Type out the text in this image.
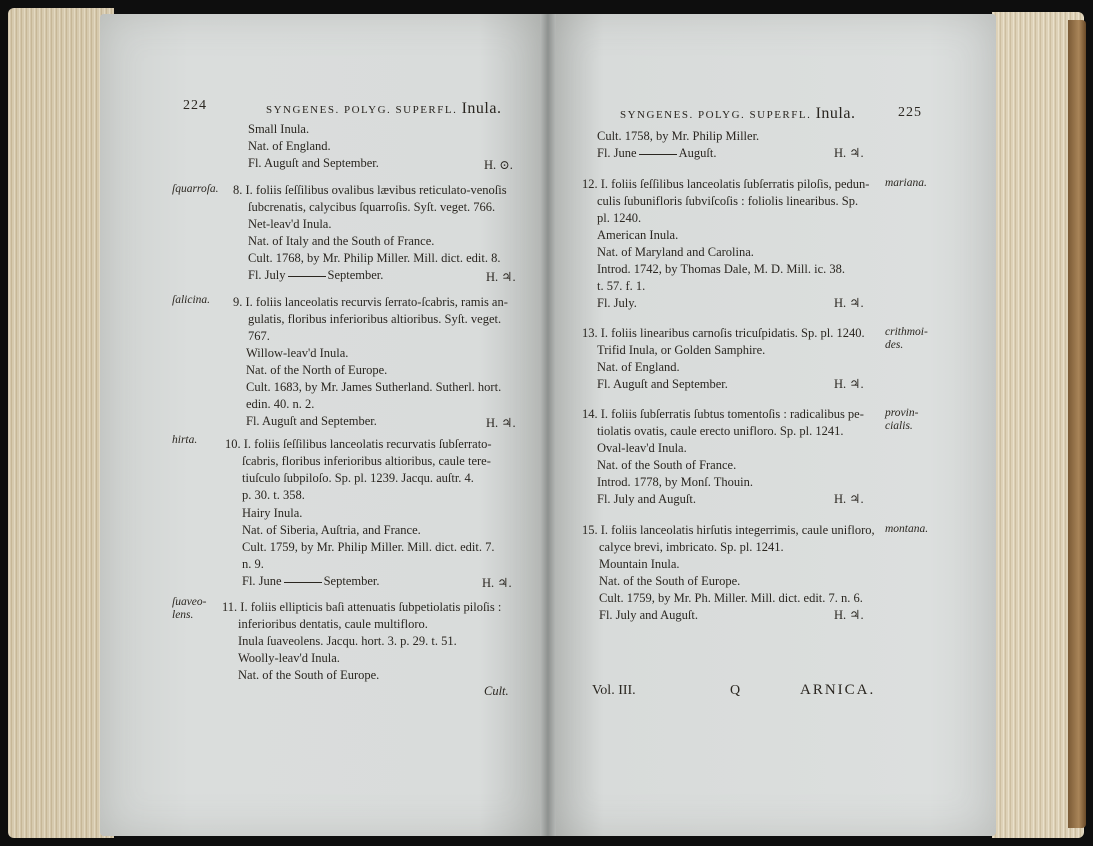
224	SYNGENES. POLYG. SUPERFL. Inula.
Small Inula.
Nat. of England.
Fl. Auguſt and September.	H. ⊙.
ſquarroſa.	8. I. foliis ſeſſilibus ovalibus lævibus reticulato-venoſis
ſubcrenatis, calycibus ſquarroſis. Syſt. veget. 766.
Net-leav'd Inula.
Nat. of Italy and the South of France.
Cult. 1768, by Mr. Philip Miller. Mill. dict. edit. 8.
Fl. July	September.	H. ♃.
ſalicina.	9. I. foliis lanceolatis recurvis ſerrato-ſcabris, ramis an-
gulatis, floribus inferioribus altioribus. Syſt. veget.
767.
Willow-leav'd Inula.
Nat. of the North of Europe.
Cult. 1683, by Mr. James Sutherland. Sutherl. hort.
edin. 40. n. 2.
Fl. Auguſt and September.	H. ♃.
hirta.	10. I. foliis ſeſſilibus lanceolatis recurvatis ſubſerrato-
ſcabris, floribus inferioribus altioribus, caule tere-
tiuſculo ſubpiloſo. Sp. pl. 1239. Jacqu. auſtr. 4.
p. 30. t. 358.
Hairy Inula.
Nat. of Siberia, Auſtria, and France.
Cult. 1759, by Mr. Philip Miller. Mill. dict. edit. 7.
n. 9.
Fl. June	September.	H. ♃.
ſuaveo- lens.
11. I. foliis ellipticis baſi attenuatis ſubpetiolatis piloſis :
inferioribus dentatis, caule multifloro.
Inula ſuaveolens. Jacqu. hort. 3. p. 29. t. 51.
Woolly-leav'd Inula.
Nat. of the South of Europe.
Cult.
SYNGENES. POLYG. SUPERFL. Inula.	225
Cult. 1758, by Mr. Philip Miller.
Fl. June	Auguſt.	H. ♃.
12. I. foliis ſeſſilibus lanceolatis ſubſerratis piloſis, pedun- mariana.
culis ſubunifloris ſubviſcoſis : foliolis linearibus. Sp.
pl. 1240.
American Inula.
Nat. of Maryland and Carolina.
Introd. 1742, by Thomas Dale, M. D. Mill. ic. 38.
t. 57. f. 1.
Fl. July.	H. ♃.
13. I. foliis linearibus carnoſis tricuſpidatis. Sp. pl. 1240. crithmoi- des.
Trifid Inula, or Golden Samphire.
Nat. of England.
Fl. Auguſt and September.	H. ♃.
14. I. foliis ſubſerratis ſubtus tomentoſis : radicalibus pe- provin- cialis.
tiolatis ovatis, caule erecto unifloro. Sp. pl. 1241.
Oval-leav'd Inula.
Nat. of the South of France.
Introd. 1778, by Monſ. Thouin.
Fl. July and Auguſt.	H. ♃.
15. I. foliis lanceolatis hirſutis integerrimis, caule unifloro, montana.
calyce brevi, imbricato. Sp. pl. 1241.
Mountain Inula.
Nat. of the South of Europe.
Cult. 1759, by Mr. Ph. Miller. Mill. dict. edit. 7. n. 6.
Fl. July and Auguſt.	H. ♃.
Vol. III.	Q	ARNICA.
